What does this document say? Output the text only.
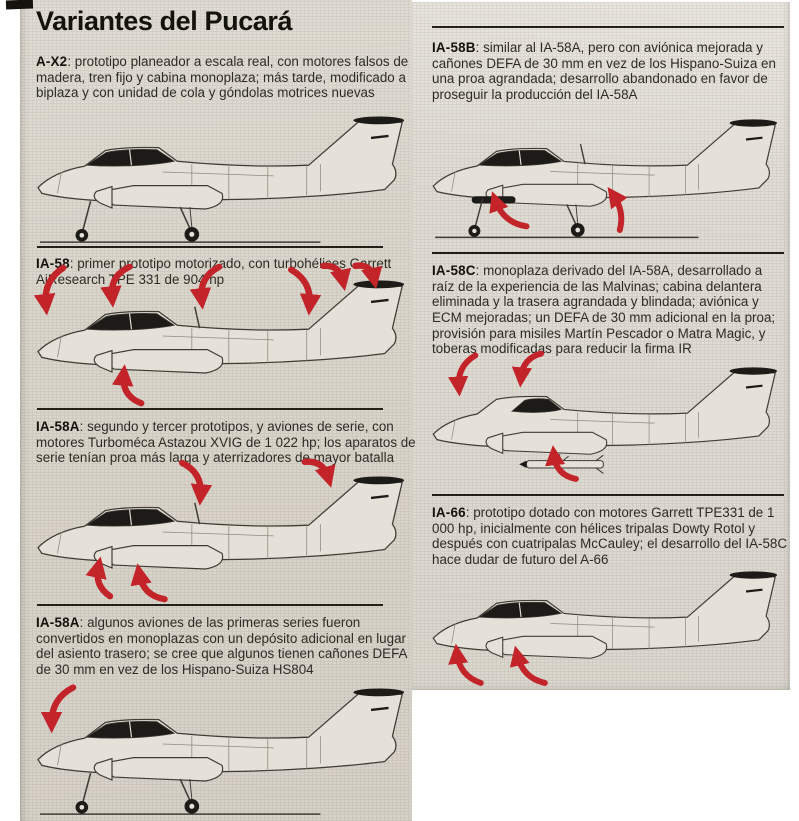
Variantes del Pucará

A-X2: prototipo planeador a escala real, con motores falsos de madera, tren fijo y cabina monoplaza; más tarde, modificado a biplaza y con unidad de cola y góndolas motrices nuevas

IA-58: primer prototipo motorizado, con turbohélices Garrett AiResearch TPE 331 de 904 hp

IA-58A: segundo y tercer prototipos, y aviones de serie, con motores Turboméca Astazou XVIG de 1 022 hp; los aparatos de serie tenían proa más larga y aterrizadores de mayor batalla

IA-58A: algunos aviones de las primeras series fueron convertidos en monoplazas con un depósito adicional en lugar del asiento trasero; se cree que algunos tienen cañones DEFA de 30 mm en vez de los Hispano-Suiza HS804

IA-58B: similar al IA-58A, pero con aviónica mejorada y cañones DEFA de 30 mm en vez de los Hispano-Suiza en una proa agrandada; desarrollo abandonado en favor de proseguir la producción del IA-58A

IA-58C: monoplaza derivado del IA-58A, desarrollado a raíz de la experiencia de las Malvinas; cabina delantera eliminada y la trasera agrandada y blindada; aviónica y ECM mejoradas; un DEFA de 30 mm adicional en la proa; provisión para misiles Martín Pescador o Matra Magic, y toberas modificadas para reducir la firma IR

IA-66: prototipo dotado con motores Garrett TPE331 de 1 000 hp, inicialmente con hélices tripalas Dowty Rotol y después con cuatripalas McCauley; el desarrollo del IA-58C hace dudar de futuro del A-66
